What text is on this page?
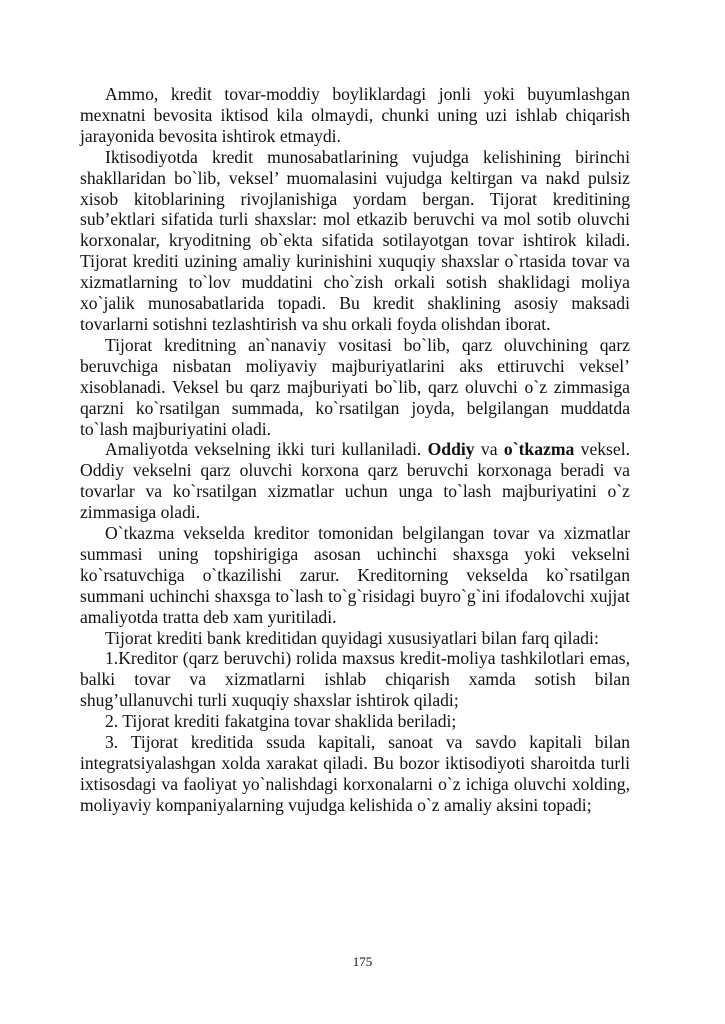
Ammo, kredit tovar-moddiy boyliklardagi jonli yoki buyumlashgan mexnatni bevosita iktisod kila olmaydi, chunki uning uzi ishlab chiqarish jarayonida bevosita ishtirok etmaydi.

Iktisodiyotda kredit munosabatlarining vujudga kelishining birinchi shakllaridan bo`lib, veksel’ muomalasini vujudga keltirgan va nakd pulsiz xisob kitoblarining rivojlanishiga yordam bergan. Tijorat kreditining sub’ektlari sifatida turli shaxslar: mol etkazib beruvchi va mol sotib oluvchi korxonalar, kryoditning ob`ekta sifatida sotilayotgan tovar ishtirok kiladi. Tijorat krediti uzining amaliy kurinishini xuquqiy shaxslar o`rtasida tovar va xizmatlarning to`lov muddatini cho`zish orkali sotish shaklidagi moliya xo`jalik munosabatlarida topadi. Bu kredit shaklining asosiy maksadi tovarlarni sotishni tezlashtirish va shu orkali foyda olishdan iborat.

Tijorat kreditning an`nanaviy vositasi bo`lib, qarz oluvchining qarz beruvchiga nisbatan moliyaviy majburiyatlarini aks ettiruvchi veksel’ xisoblanadi. Veksel bu qarz majburiyati bo`lib, qarz oluvchi o`z zimmasiga qarzni ko`rsatilgan summada, ko`rsatilgan joyda, belgilangan muddatda to`lash majburiyatini oladi.

Amaliyotda vekselning ikki turi kullaniladi. Oddiy va o`tkazma veksel. Oddiy vekselni qarz oluvchi korxona qarz beruvchi korxonaga beradi va tovarlar va ko`rsatilgan xizmatlar uchun unga to`lash majburiyatini o`z zimmasiga oladi.

O`tkazma vekselda kreditor tomonidan belgilangan tovar va xizmatlar summasi uning topshirigiga asosan uchinchi shaxsga yoki vekselni ko`rsatuvchiga o`tkazilishi zarur. Kreditorning vekselda ko`rsatilgan summani uchinchi shaxsga to`lash to`g`risidagi buyro`g`ini ifodalovchi xujjat amaliyotda tratta deb xam yuritiladi.

Tijorat krediti bank kreditidan quyidagi xususiyatlari bilan farq qiladi:

1.Kreditor (qarz beruvchi) rolida maxsus kredit-moliya tashkilotlari emas, balki tovar va xizmatlarni ishlab chiqarish xamda sotish bilan shug’ullanuvchi turli xuquqiy shaxslar ishtirok qiladi;

2. Tijorat krediti fakatgina tovar shaklida beriladi;

3. Tijorat kreditida ssuda kapitali, sanoat va savdo kapitali bilan integratsiyalashgan xolda xarakat qiladi. Bu bozor iktisodiyoti sharoitda turli ixtisosdagi va faoliyat yo`nalishdagi korxonalarni o`z ichiga oluvchi xolding, moliyaviy kompaniyalarning vujudga kelishida o`z amaliy aksini topadi;

175
